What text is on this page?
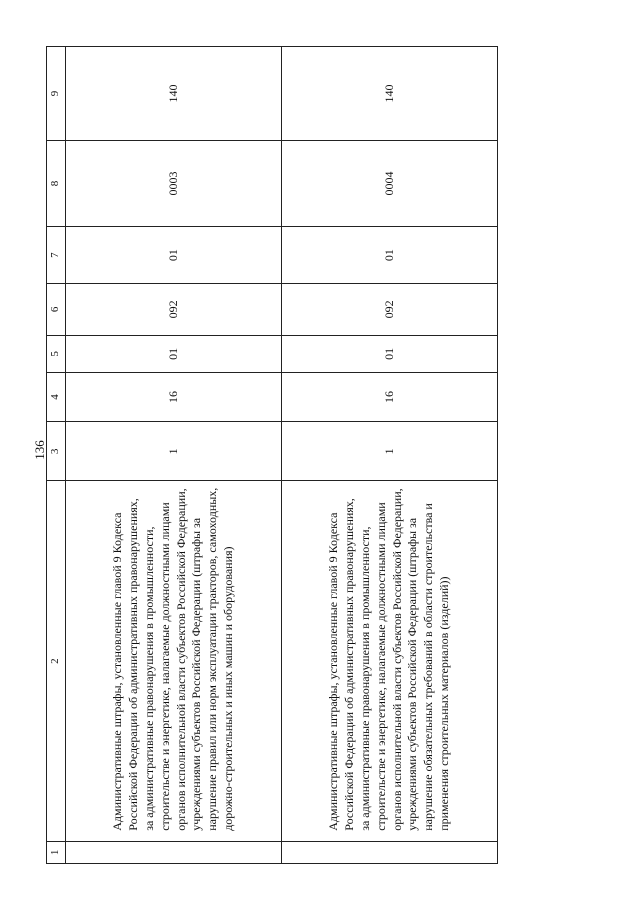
136
1	2	3	4	5	6	7	8	9
	Административные штрафы, установленные главой 9 Кодекса Российской Федерации об административных правонарушениях, за административные правонарушения в промышленности, строительстве и энергетике, налагаемые должностными лицами органов исполнительной власти субъектов Российской Федерации, учреждениями субъектов Российской Федерации (штрафы за нарушение правил или норм эксплуатации тракторов, самоходных, дорожно-строительных и иных машин и оборудования)	1	16	01	092	01	0003	140
	Административные штрафы, установленные главой 9 Кодекса Российской Федерации об административных правонарушениях, за административные правонарушения в промышленности, строительстве и энергетике, налагаемые должностными лицами органов исполнительной власти субъектов Российской Федерации, учреждениями субъектов Российской Федерации (штрафы за нарушение обязательных требований в области строительства и применения строительных материалов (изделий))	1	16	01	092	01	0004	140
